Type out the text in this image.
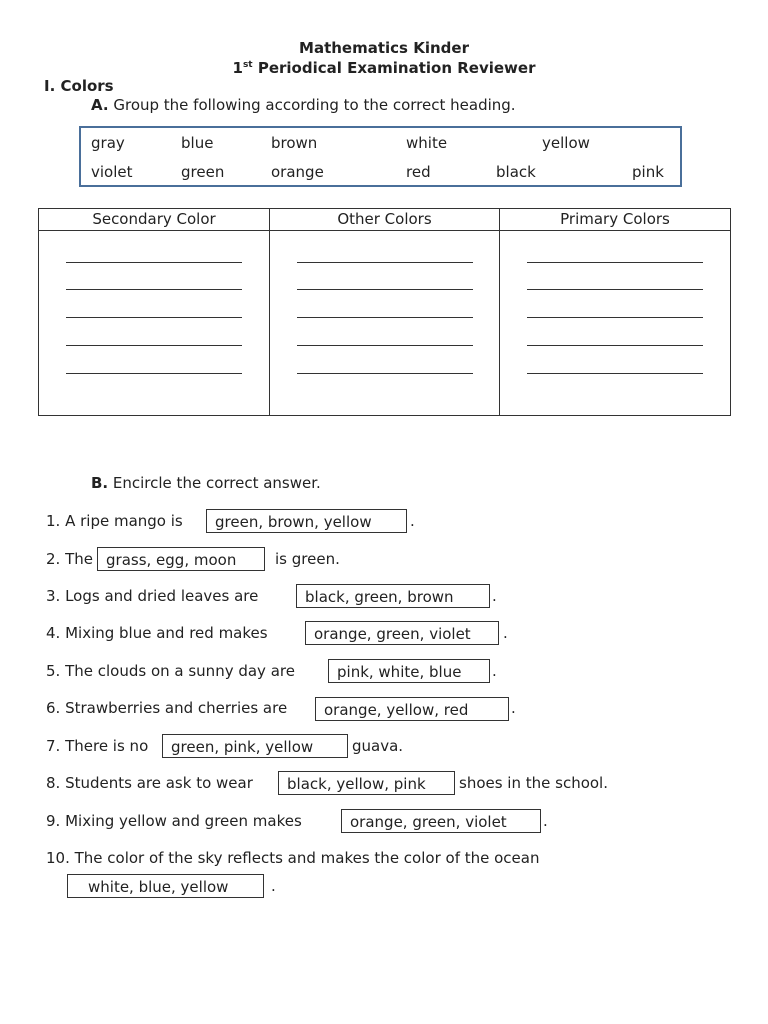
Mathematics Kinder
1st Periodical Examination Reviewer
I. Colors
A. Group the following according to the correct heading.
gray	blue	brown	white	yellow
violet	green	orange	red	black	pink
Secondary Color	Other Colors	Primary Colors
B. Encircle the correct answer.
1. A ripe mango is	green, brown, yellow	.
2. The grass, egg, moon	is green.
3. Logs and dried leaves are	black, green, brown	.
4. Mixing blue and red makes	orange, green, violet	.
5. The clouds on a sunny day are	pink, white, blue	.
6. Strawberries and cherries are	orange, yellow, red	.
7. There is no	green, pink, yellow	guava.
8. Students are ask to wear	black, yellow, pink	shoes in the school.
9. Mixing yellow and green makes	orange, green, violet	.
10. The color of the sky reflects and makes the color of the ocean
white, blue, yellow	.
